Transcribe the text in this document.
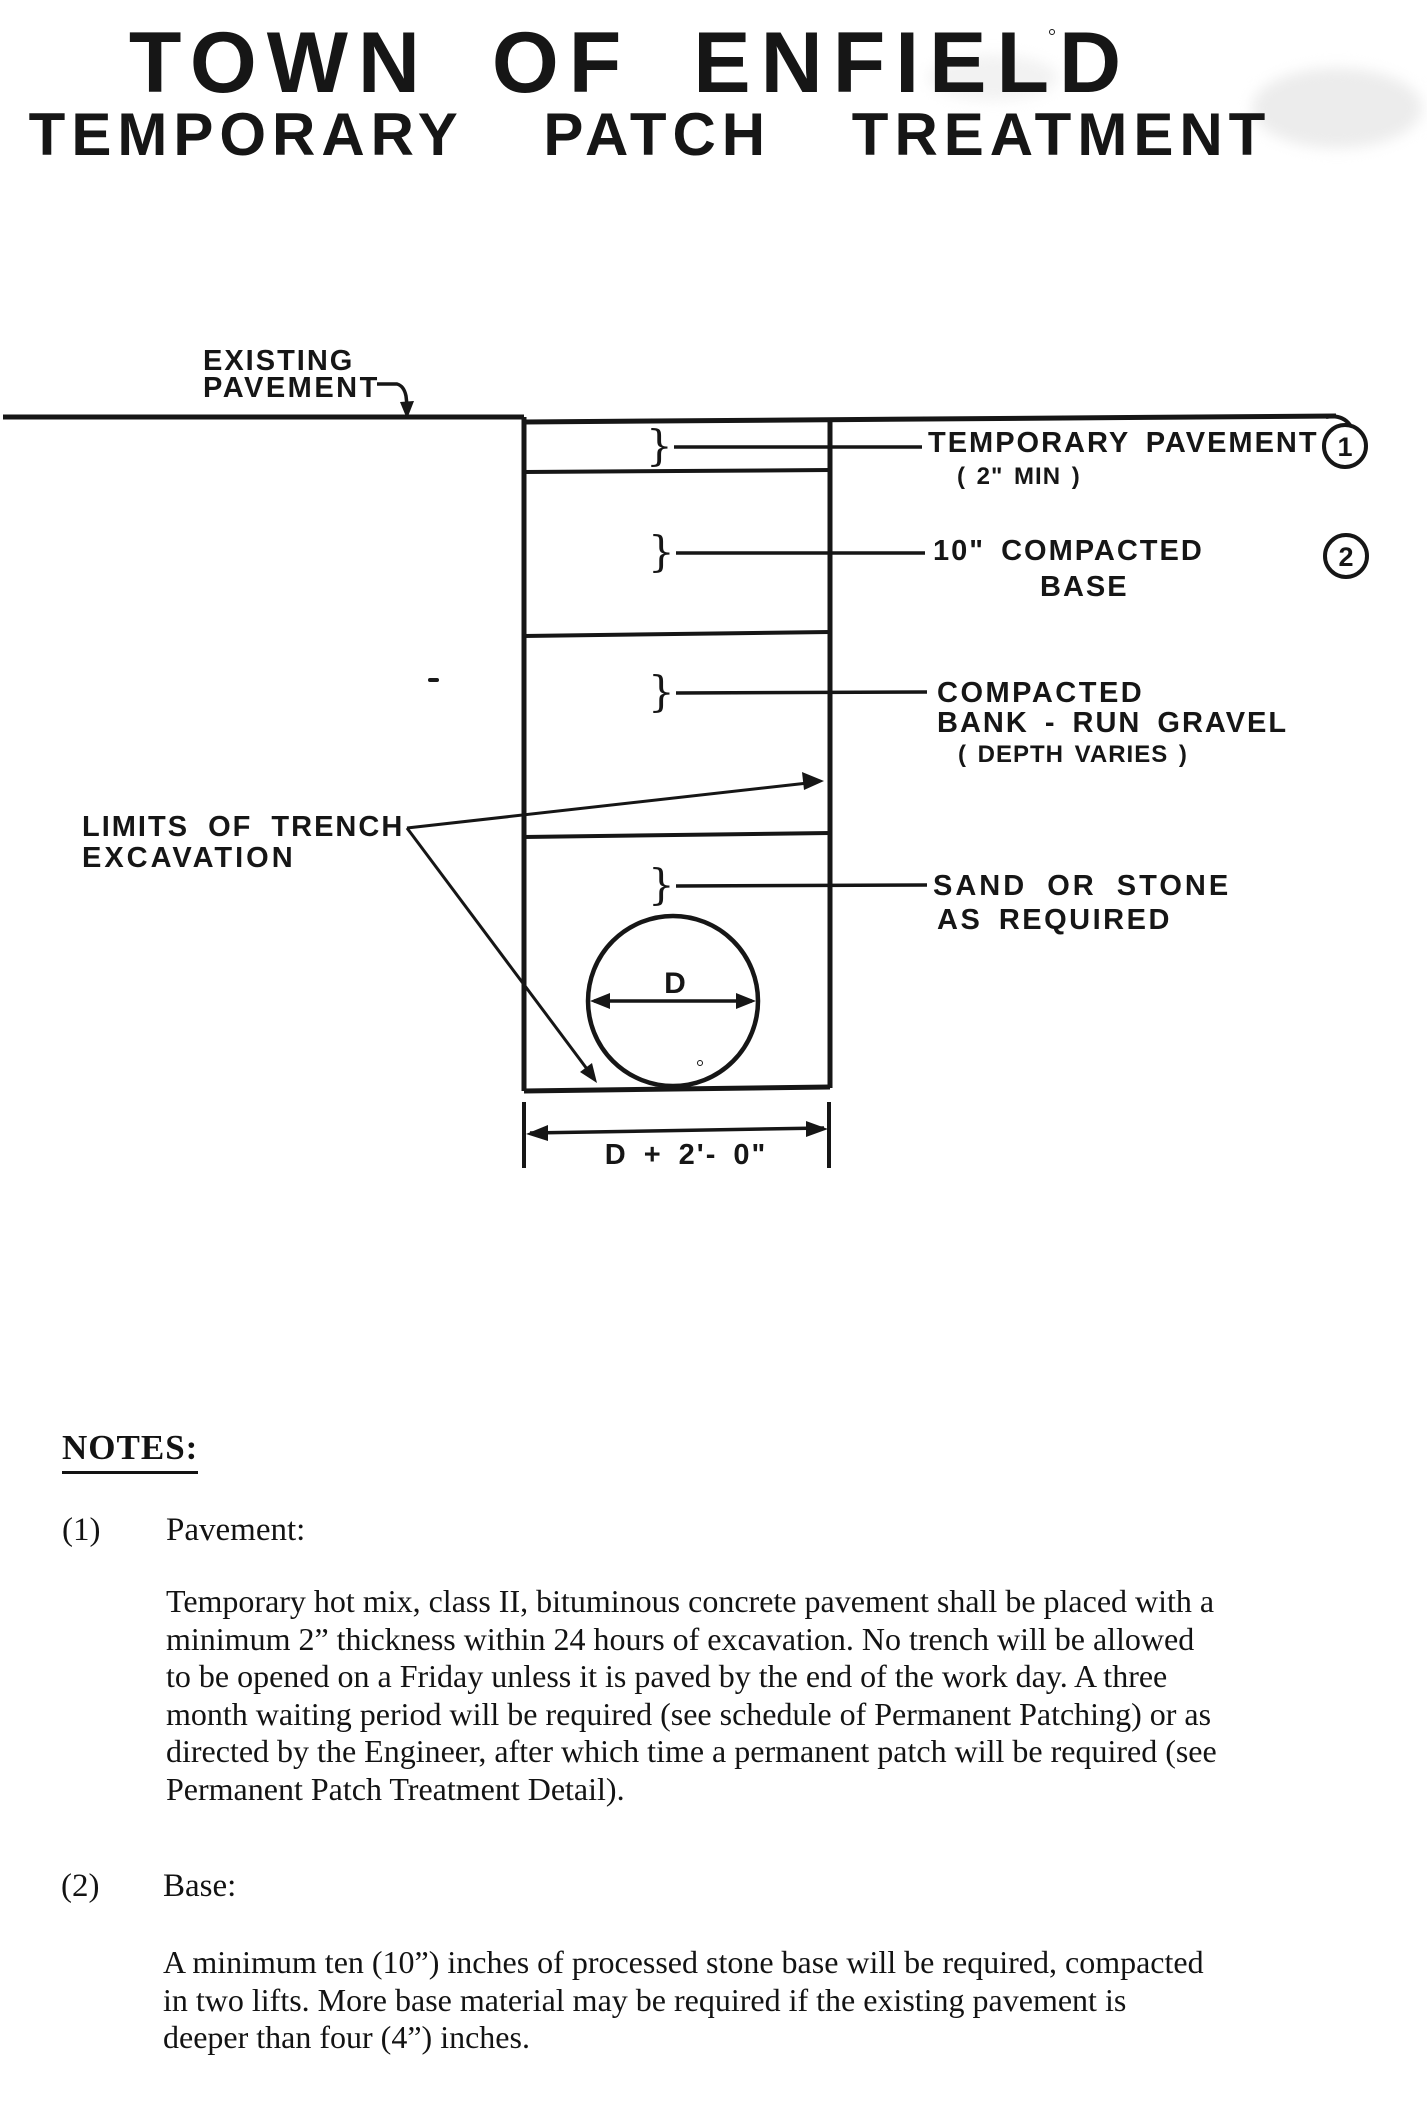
TOWN OF ENFIELD
TEMPORARY PATCH TREATMENT
EXISTING
PAVEMENT
}
}
}
}
TEMPORARY PAVEMENT
( 2" MIN )
10" COMPACTED
BASE
COMPACTED
BANK - RUN GRAVEL
( DEPTH VARIES )
SAND OR STONE
AS REQUIRED
1
2
LIMITS OF TRENCH
EXCAVATION
D
D + 2'- 0"
NOTES:
(1) Pavement:
Temporary hot mix, class II, bituminous concrete pavement shall be placed with a
minimum 2” thickness within 24 hours of excavation. No trench will be allowed
to be opened on a Friday unless it is paved by the end of the work day. A three
month waiting period will be required (see schedule of Permanent Patching) or as
directed by the Engineer, after which time a permanent patch will be required (see
Permanent Patch Treatment Detail).
(2) Base:
A minimum ten (10”) inches of processed stone base will be required, compacted
in two lifts. More base material may be required if the existing pavement is
deeper than four (4”) inches.
